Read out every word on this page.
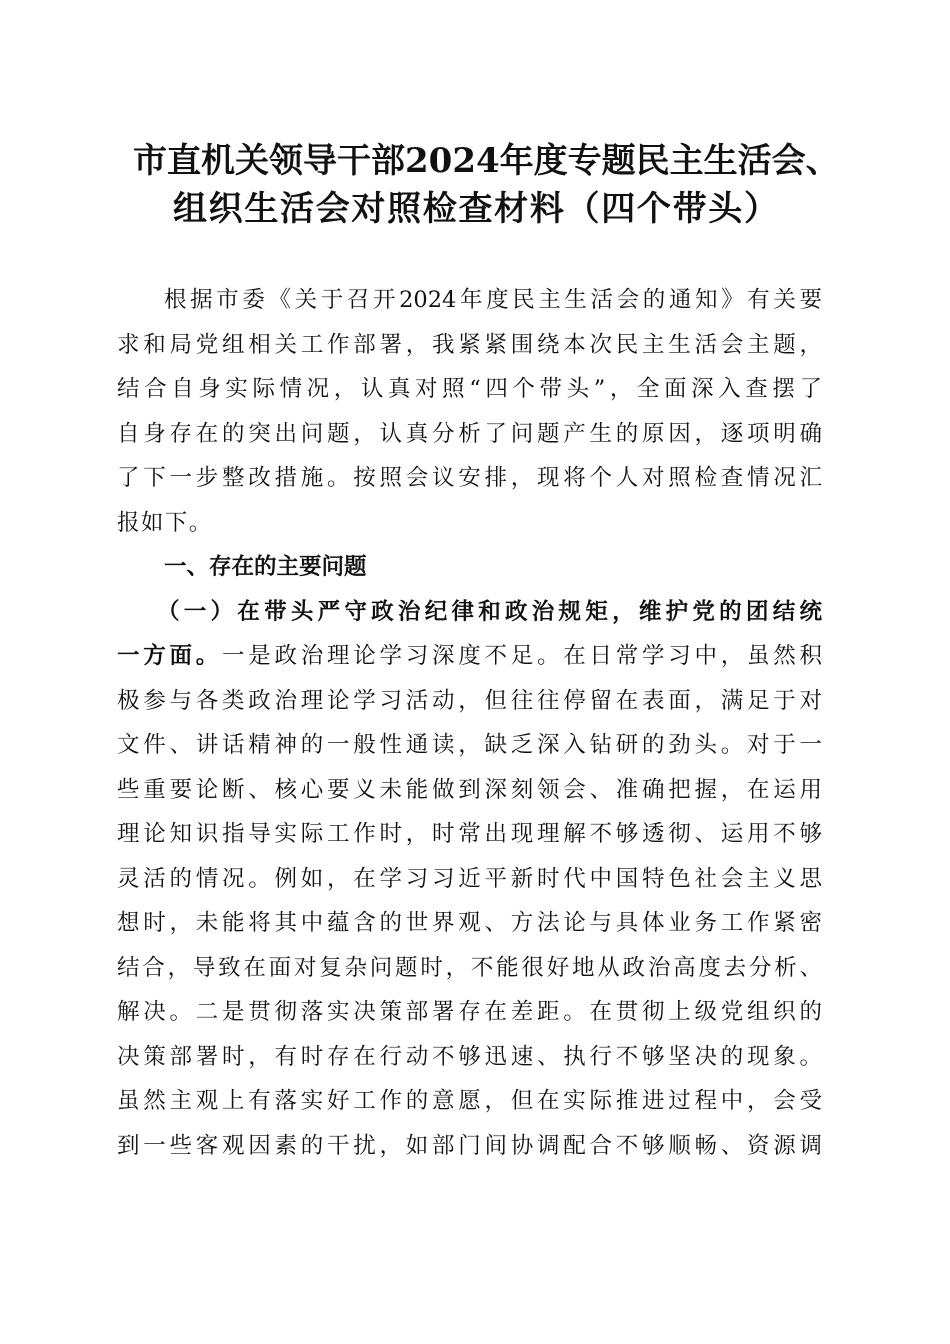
市直机关领导干部2024年度专题民主生活会、
组织生活会对照检查材料（四个带头）
根据市委《关于召开2024年度民主生活会的通知》有关要
求和局党组相关工作部署，我紧紧围绕本次民主生活会主题，
结合自身实际情况，认真对照“四个带头”，全面深入查摆了
自身存在的突出问题，认真分析了问题产生的原因，逐项明确
了下一步整改措施。按照会议安排，现将个人对照检查情况汇
报如下。
一、存在的主要问题
（一）在带头严守政治纪律和政治规矩，维护党的团结统
一方面。一是政治理论学习深度不足。在日常学习中，虽然积
极参与各类政治理论学习活动，但往往停留在表面，满足于对
文件、讲话精神的一般性通读，缺乏深入钻研的劲头。对于一
些重要论断、核心要义未能做到深刻领会、准确把握，在运用
理论知识指导实际工作时，时常出现理解不够透彻、运用不够
灵活的情况。例如，在学习习近平新时代中国特色社会主义思
想时，未能将其中蕴含的世界观、方法论与具体业务工作紧密
结合，导致在面对复杂问题时，不能很好地从政治高度去分析、
解决。二是贯彻落实决策部署存在差距。在贯彻上级党组织的
决策部署时，有时存在行动不够迅速、执行不够坚决的现象。
虽然主观上有落实好工作的意愿，但在实际推进过程中，会受
到一些客观因素的干扰，如部门间协调配合不够顺畅、资源调
